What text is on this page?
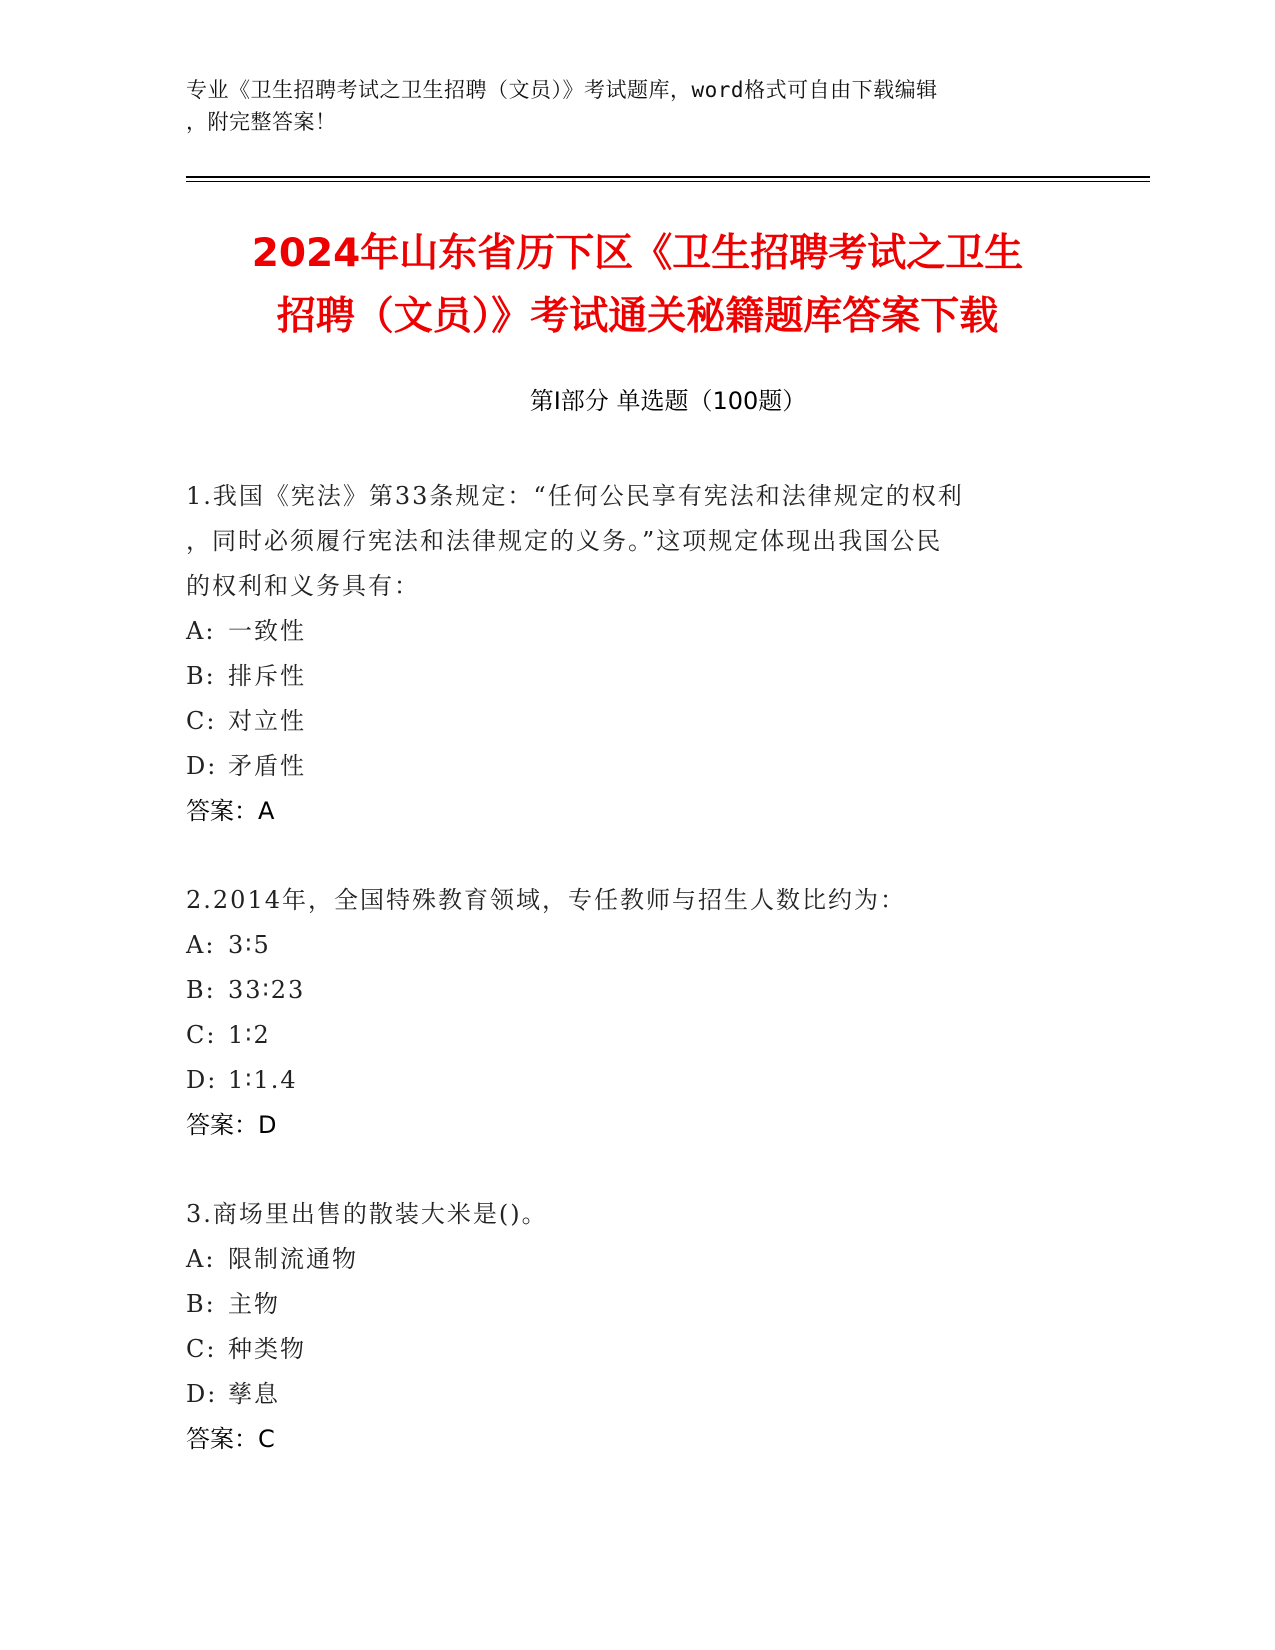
专业《卫生招聘考试之卫生招聘（文员）》考试题库，word格式可自由下载编辑
，附完整答案！
2024年山东省历下区《卫生招聘考试之卫生
招聘（文员）》考试通关秘籍题库答案下载
第Ⅰ部分 单选题（100题）
1.我国《宪法》第33条规定：“任何公民享有宪法和法律规定的权利
，同时必须履行宪法和法律规定的义务。”这项规定体现出我国公民
的权利和义务具有：
A: 一致性
B: 排斥性
C: 对立性
D: 矛盾性
答案：A
2.2014年，全国特殊教育领域，专任教师与招生人数比约为：
A: 3∶5
B: 33∶23
C: 1∶2
D: 1∶1.4
答案：D
3.商场里出售的散装大米是()。
A: 限制流通物
B: 主物
C: 种类物
D: 孳息
答案：C
